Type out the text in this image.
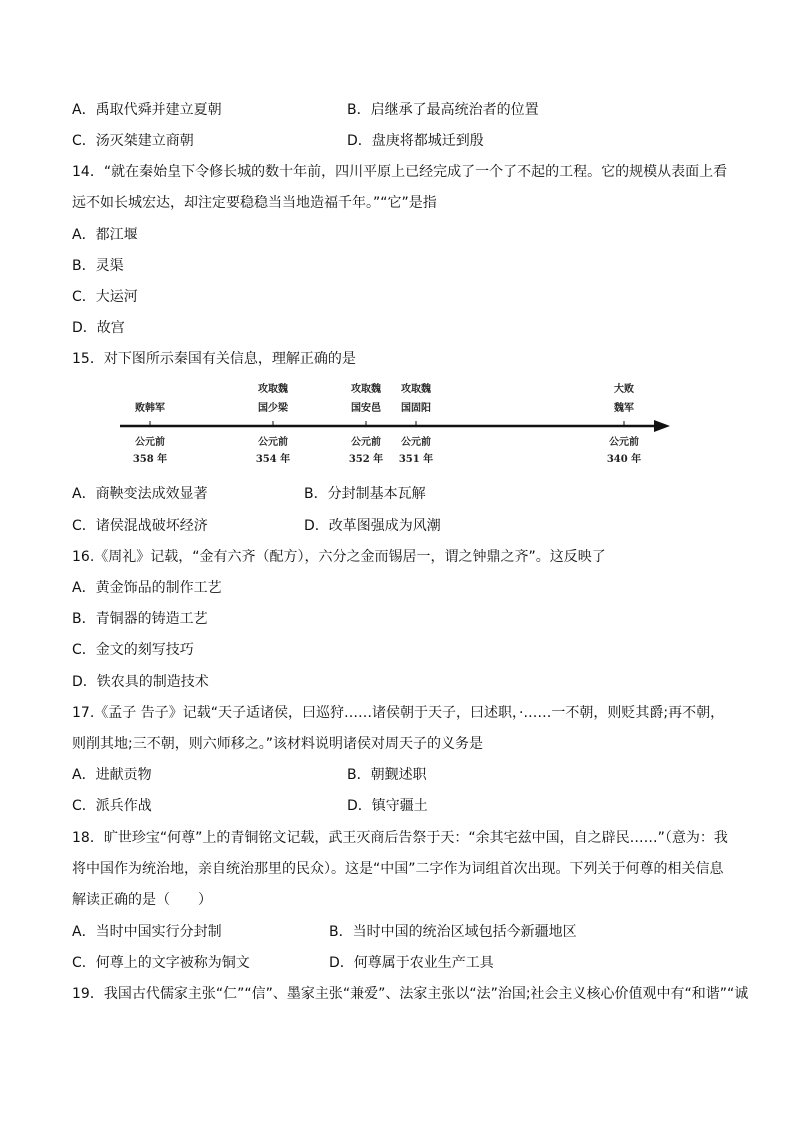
A．禹取代舜并建立夏朝	B．启继承了最高统治者的位置
C．汤灭桀建立商朝	D．盘庚将都城迁到殷
14．“就在秦始皇下令修长城的数十年前，四川平原上已经完成了一个了不起的工程。它的规模从表面上看
远不如长城宏达，却注定要稳稳当当地造福千年。”“它”是指
A．都江堰
B．灵渠
C．大运河
D．故宫
15．对下图所示秦国有关信息，理解正确的是
败韩军
公元前
358 年
攻取魏
国少梁
公元前
354 年
攻取魏
国安邑
公元前
352 年
攻取魏
国固阳
公元前
351 年
大败
魏军
公元前
340 年
A．商鞅变法成效显著	B．分封制基本瓦解
C．诸侯混战破坏经济	D．改革图强成为风潮
16.《周礼》记载，“金有六齐（配方），六分之金而锡居一，谓之钟鼎之齐”。这反映了
A．黄金饰品的制作工艺
B．青铜器的铸造工艺
C．金文的刻写技巧
D．铁农具的制造技术
17.《孟子 告子》记载“天子适诸侯，曰巡狩……诸侯朝于天子，曰述职，·……一不朝，则贬其爵;再不朝，
则削其地;三不朝，则六师移之。”该材料说明诸侯对周天子的义务是
A．进献贡物	B．朝觐述职
C．派兵作战	D．镇守疆土
18．旷世珍宝“何尊”上的青铜铭文记载，武王灭商后告祭于天：“余其宅兹中国，自之辟民……”（意为：我
将中国作为统治地，亲自统治那里的民众）。这是“中国”二字作为词组首次出现。下列关于何尊的相关信息
解读正确的是（　　）
A．当时中国实行分封制	B．当时中国的统治区域包括今新疆地区
C．何尊上的文字被称为铜文	D．何尊属于农业生产工具
19．我国古代儒家主张“仁”“信”、墨家主张“兼爱”、法家主张以“法”治国;社会主义核心价值观中有“和谐”“诚
